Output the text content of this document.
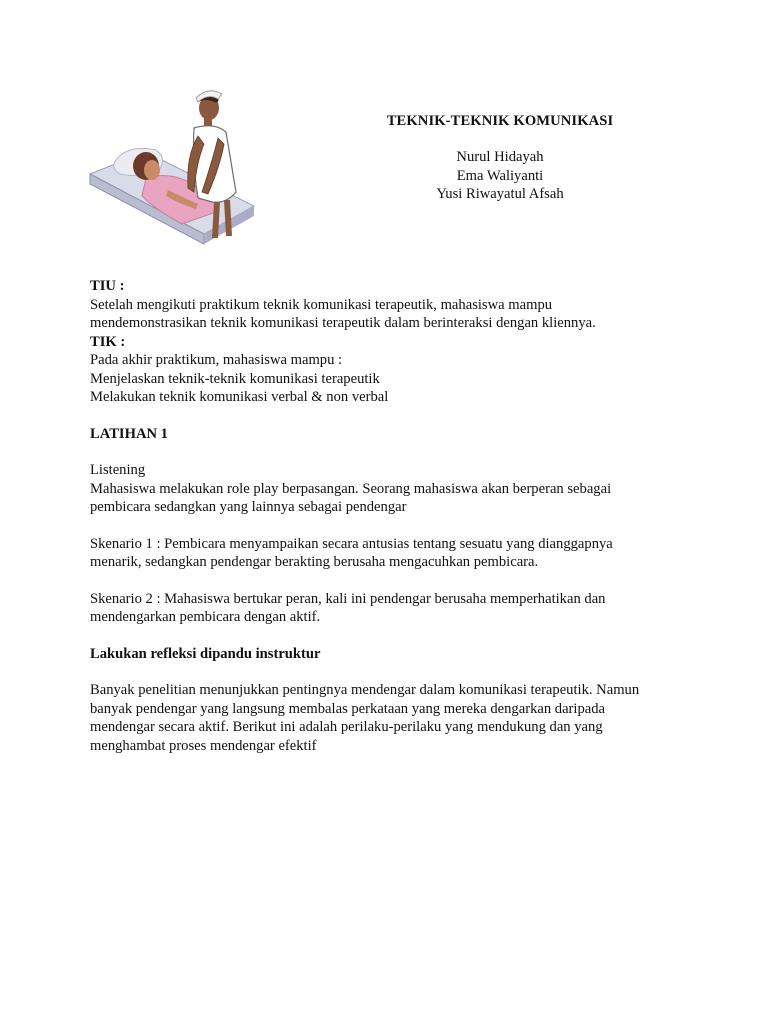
TEKNIK-TEKNIK KOMUNIKASI
Nurul Hidayah
Ema Waliyanti
Yusi Riwayatul Afsah

TIU :

Setelah mengikuti praktikum teknik komunikasi terapeutik, mahasiswa mampu

mendemonstrasikan teknik komunikasi terapeutik dalam berinteraksi dengan kliennya.

TIK :

Pada akhir praktikum, mahasiswa mampu :

Menjelaskan teknik-teknik komunikasi terapeutik

Melakukan teknik komunikasi verbal & non verbal

LATIHAN 1

Listening

Mahasiswa melakukan role play berpasangan. Seorang mahasiswa akan berperan sebagai

pembicara sedangkan yang lainnya sebagai pendengar

Skenario 1 : Pembicara menyampaikan secara antusias tentang sesuatu yang dianggapnya

menarik, sedangkan pendengar berakting berusaha mengacuhkan pembicara.

Skenario 2 : Mahasiswa bertukar peran, kali ini pendengar berusaha memperhatikan dan

mendengarkan pembicara dengan aktif.

Lakukan refleksi dipandu instruktur

Banyak penelitian menunjukkan pentingnya mendengar dalam komunikasi terapeutik. Namun

banyak pendengar yang langsung membalas perkataan yang mereka dengarkan daripada

mendengar secara aktif. Berikut ini adalah perilaku-perilaku yang mendukung dan yang

menghambat proses mendengar efektif
